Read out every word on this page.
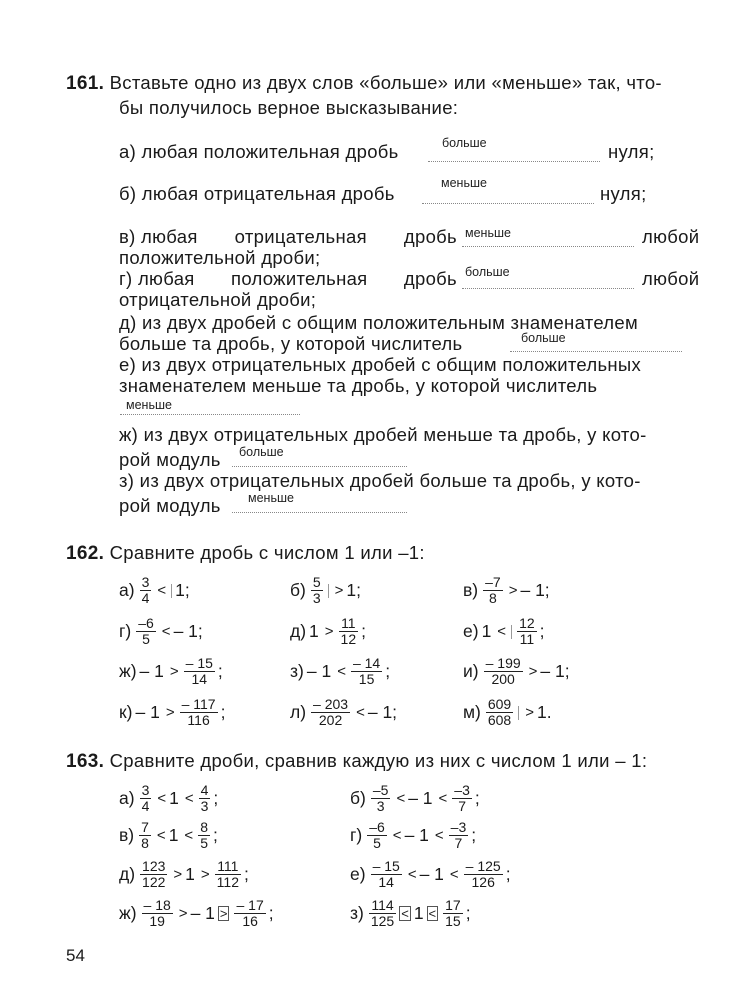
161. Вставьте одно из двух слов «больше» или «меньше» так, что-
бы получилось верное высказывание:
а) любая положительная дробь	больше	нуля;
б) любая отрицательная дробь	меньше	нуля;
в) любая отрицательная дробь меньше	любой
положительной дроби;
г) любая положительная дробь больше	любой
отрицательной дроби;
д) из двух дробей с общим положительным знаменателем
больше та дробь, у которой числитель	больше
е) из двух отрицательных дробей с общим положительных
знаменателем меньше та дробь, у которой числитель
меньше
ж) из двух отрицательных дробей меньше та дробь, у кото-
рой модуль больше
з) из двух отрицательных дробей больше та дробь, у кото-
рой модуль меньше
162. Сравните дробь с числом 1 или –1:
$а) \frac{3}{4} < 1$;	$б) \frac{5}{3} > 1$;	$в) \frac{-7}{8}$ > – 1;
$г) \frac{-6}{5}$ < – 1;	д) $1 > \frac{11}{12}$ ;	е) $1 < \frac{12}{11}$ ;
$ж) - 1 > \frac{- 15}{14}$ ;	$з) - 1 < \frac{- 14}{15}$ ;	$и) \frac{- 199}{200}$ > – 1;
$к) - 1 > \frac{- 117}{116}$ ;	$л) \frac{- 203}{202}$ < – 1;	$м) \frac{609}{608} > 1$.
163. Сравните дроби, сравнив каждую из них с числом 1 или – 1:
$а) \frac{3}{4} < 1 < \frac{4}{3}$ ;	$б) \frac{-5}{3}$ < – $1 < \frac{-3}{7}$ ;
$в) \frac{7}{8} < 1 < \frac{8}{5}$ ;	$г) \frac{-6}{5}$ < – $1 < \frac{-3}{7}$ ;
$д) \frac{123}{122} > 1 > \frac{111}{112}$ ;	$е) \frac{- 15}{14}$ < – $1 < \frac{- 125}{126}$ ;
$ж) \frac{- 18}{19}$ > – $1 > \frac{- 17}{16}$ ;	$з) \frac{114}{125} < 1 < \frac{17}{15}$ ;
54
